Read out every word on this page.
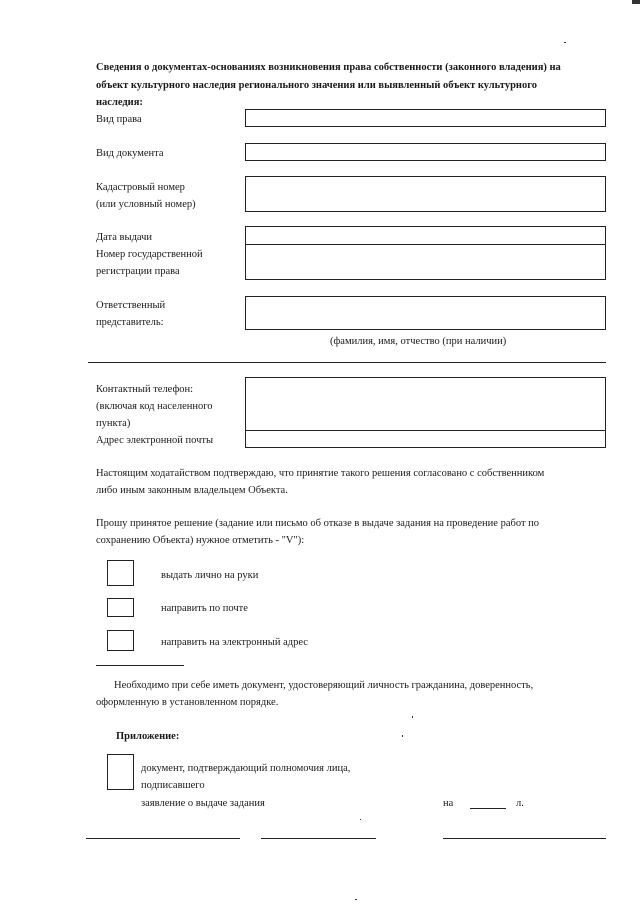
Сведения о документах-основаниях возникновения права собственности (законного владения) на
объект культурного наследия регионального значения или выявленный объект культурного
наследия:
Вид права
Вид документа
Кадастровый номер
(или условный номер)
Дата выдачи
Номер государственной
регистрации права
Ответственный
представитель:
(фамилия, имя, отчество (при наличии)
Контактный телефон:
(включая код населенного
пункта)
Адрес электронной почты
Настоящим ходатайством подтверждаю, что принятие такого решения согласовано с собственником
либо иным законным владельцем Объекта.
Прошу принятое решение (задание или письмо об отказе в выдаче задания на проведение работ по
сохранению Объекта) нужное отметить - "V"):
выдать лично на руки
направить по почте
направить на электронный адрес
Необходимо при себе иметь документ, удостоверяющий личность гражданина, доверенность,
оформленную в установленном порядке.
Приложение:
документ, подтверждающий полномочия лица,
подписавшего
заявление о выдаче задания	на	л.
